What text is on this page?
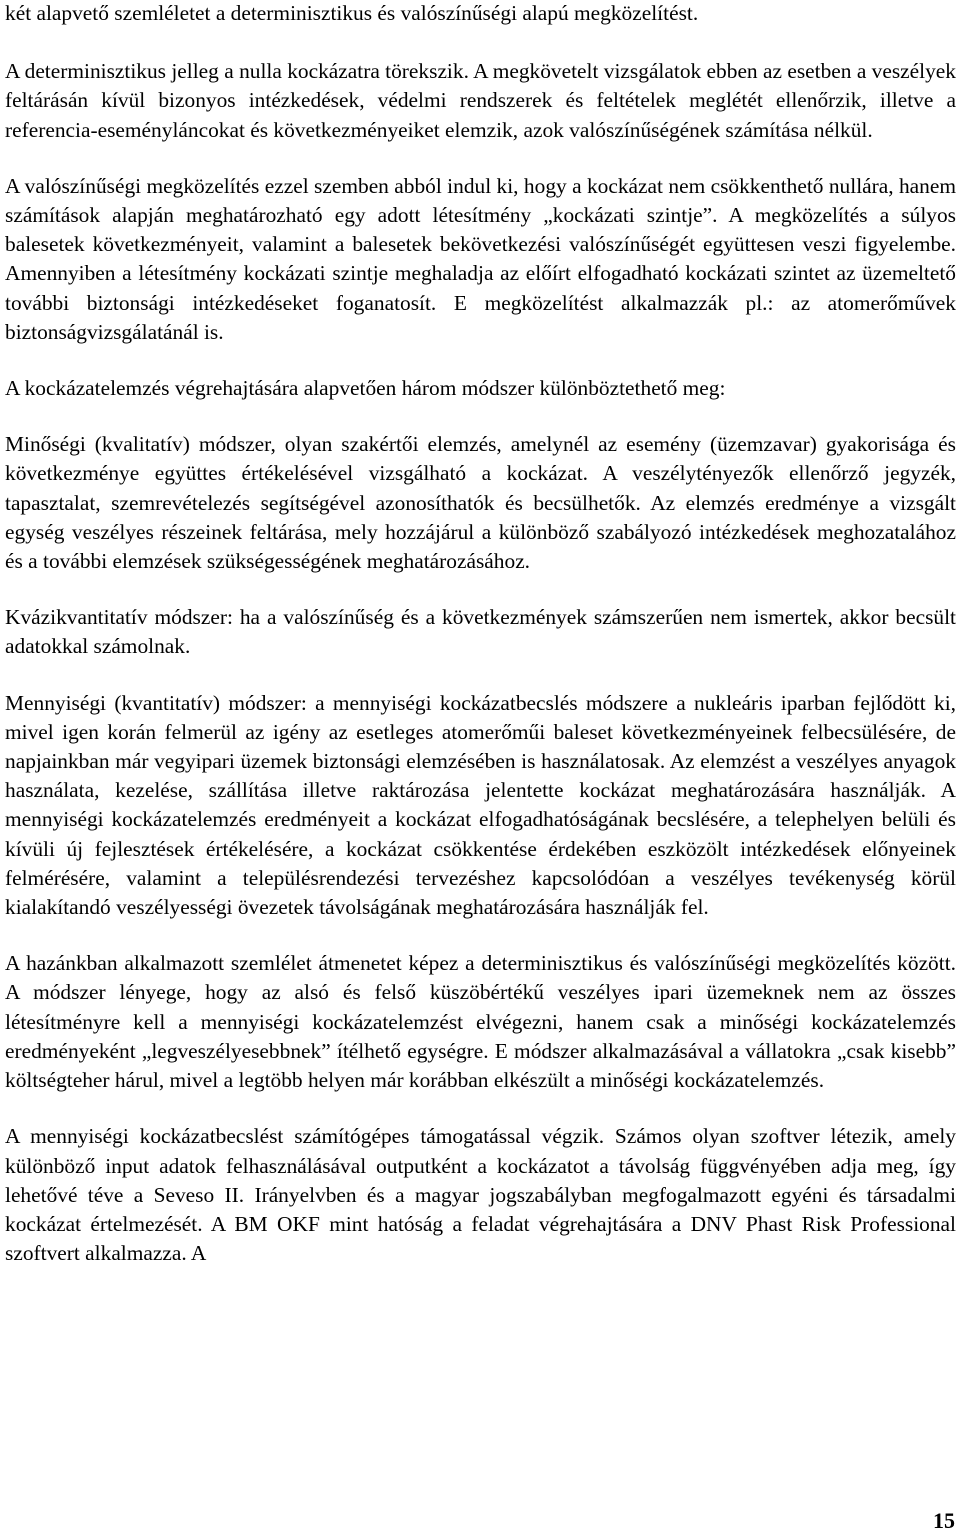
két alapvető szemléletet a determinisztikus és valószínűségi alapú megközelítést.

A determinisztikus jelleg a nulla kockázatra törekszik. A megkövetelt vizsgálatok ebben az esetben a veszélyek feltárásán kívül bizonyos intézkedések, védelmi rendszerek és feltételek meglétét ellenőrzik, illetve a referencia-eseményláncokat és következményeiket elemzik, azok valószínűségének számítása nélkül.

A valószínűségi megközelítés ezzel szemben abból indul ki, hogy a kockázat nem csökkenthető nullára, hanem számítások alapján meghatározható egy adott létesítmény „kockázati szintje”. A megközelítés a súlyos balesetek következményeit, valamint a balesetek bekövetkezési valószínűségét együttesen veszi figyelembe. Amennyiben a létesítmény kockázati szintje meghaladja az előírt elfogadható kockázati szintet az üzemeltető további biztonsági intézkedéseket foganatosít. E megközelítést alkalmazzák pl.: az atomerőművek biztonságvizsgálatánál is.

A kockázatelemzés végrehajtására alapvetően három módszer különböztethető meg:

Minőségi (kvalitatív) módszer, olyan szakértői elemzés, amelynél az esemény (üzemzavar) gyakorisága és következménye együttes értékelésével vizsgálható a kockázat. A veszélytényezők ellenőrző jegyzék, tapasztalat, szemrevételezés segítségével azonosíthatók és becsülhetők. Az elemzés eredménye a vizsgált egység veszélyes részeinek feltárása, mely hozzájárul a különböző szabályozó intézkedések meghozatalához és a további elemzések szükségességének meghatározásához.

Kvázikvantitatív módszer: ha a valószínűség és a következmények számszerűen nem ismertek, akkor becsült adatokkal számolnak.

Mennyiségi (kvantitatív) módszer: a mennyiségi kockázatbecslés módszere a nukleáris iparban fejlődött ki, mivel igen korán felmerül az igény az esetleges atomerőműi baleset következményeinek felbecsülésére, de napjainkban már vegyipari üzemek biztonsági elemzésében is használatosak. Az elemzést a veszélyes anyagok használata, kezelése, szállítása illetve raktározása jelentette kockázat meghatározására használják. A mennyiségi kockázatelemzés eredményeit a kockázat elfogadhatóságának becslésére, a telephelyen belüli és kívüli új fejlesztések értékelésére, a kockázat csökkentése érdekében eszközölt intézkedések előnyeinek felmérésére, valamint a településrendezési tervezéshez kapcsolódóan a veszélyes tevékenység körül kialakítandó veszélyességi övezetek távolságának meghatározására használják fel.

A hazánkban alkalmazott szemlélet átmenetet képez a determinisztikus és valószínűségi megközelítés között. A módszer lényege, hogy az alsó és felső küszöbértékű veszélyes ipari üzemeknek nem az összes létesítményre kell a mennyiségi kockázatelemzést elvégezni, hanem csak a minőségi kockázatelemzés eredményeként „legveszélyesebbnek” ítélhető egységre. E módszer alkalmazásával a vállatokra „csak kisebb” költségteher hárul, mivel a legtöbb helyen már korábban elkészült a minőségi kockázatelemzés.

A mennyiségi kockázatbecslést számítógépes támogatással végzik. Számos olyan szoftver létezik, amely különböző input adatok felhasználásával outputként a kockázatot a távolság függvényében adja meg, így lehetővé téve a Seveso II. Irányelvben és a magyar jogszabályban megfogalmazott egyéni és társadalmi kockázat értelmezését. A BM OKF mint hatóság a feladat végrehajtására a DNV Phast Risk Professional szoftvert alkalmazza. A

15
